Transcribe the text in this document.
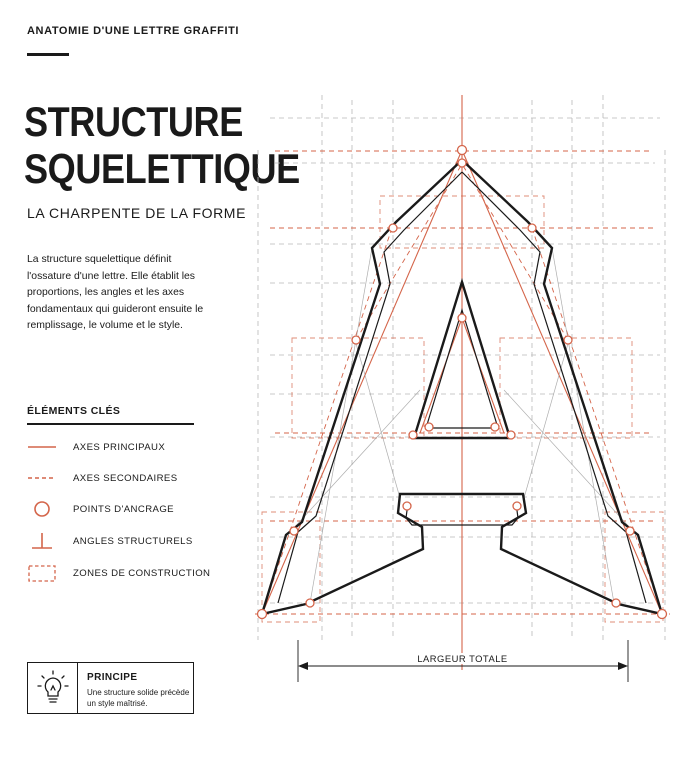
ANATOMIE D'UNE LETTRE GRAFFITI
STRUCTURE
SQUELETTIQUE
LA CHARPENTE DE LA FORME

La structure squelettique définit l'ossature d'une lettre. Elle établit les proportions, les angles et les axes fondamentaux qui guideront ensuite le remplissage, le volume et le style.

ÉLÉMENTS CLÉS
AXES PRINCIPAUX
AXES SECONDAIRES
POINTS D'ANCRAGE
ANGLES STRUCTURELS
ZONES DE CONSTRUCTION
PRINCIPE
Une structure solide précède un style maîtrisé.
LARGEUR TOTALE
